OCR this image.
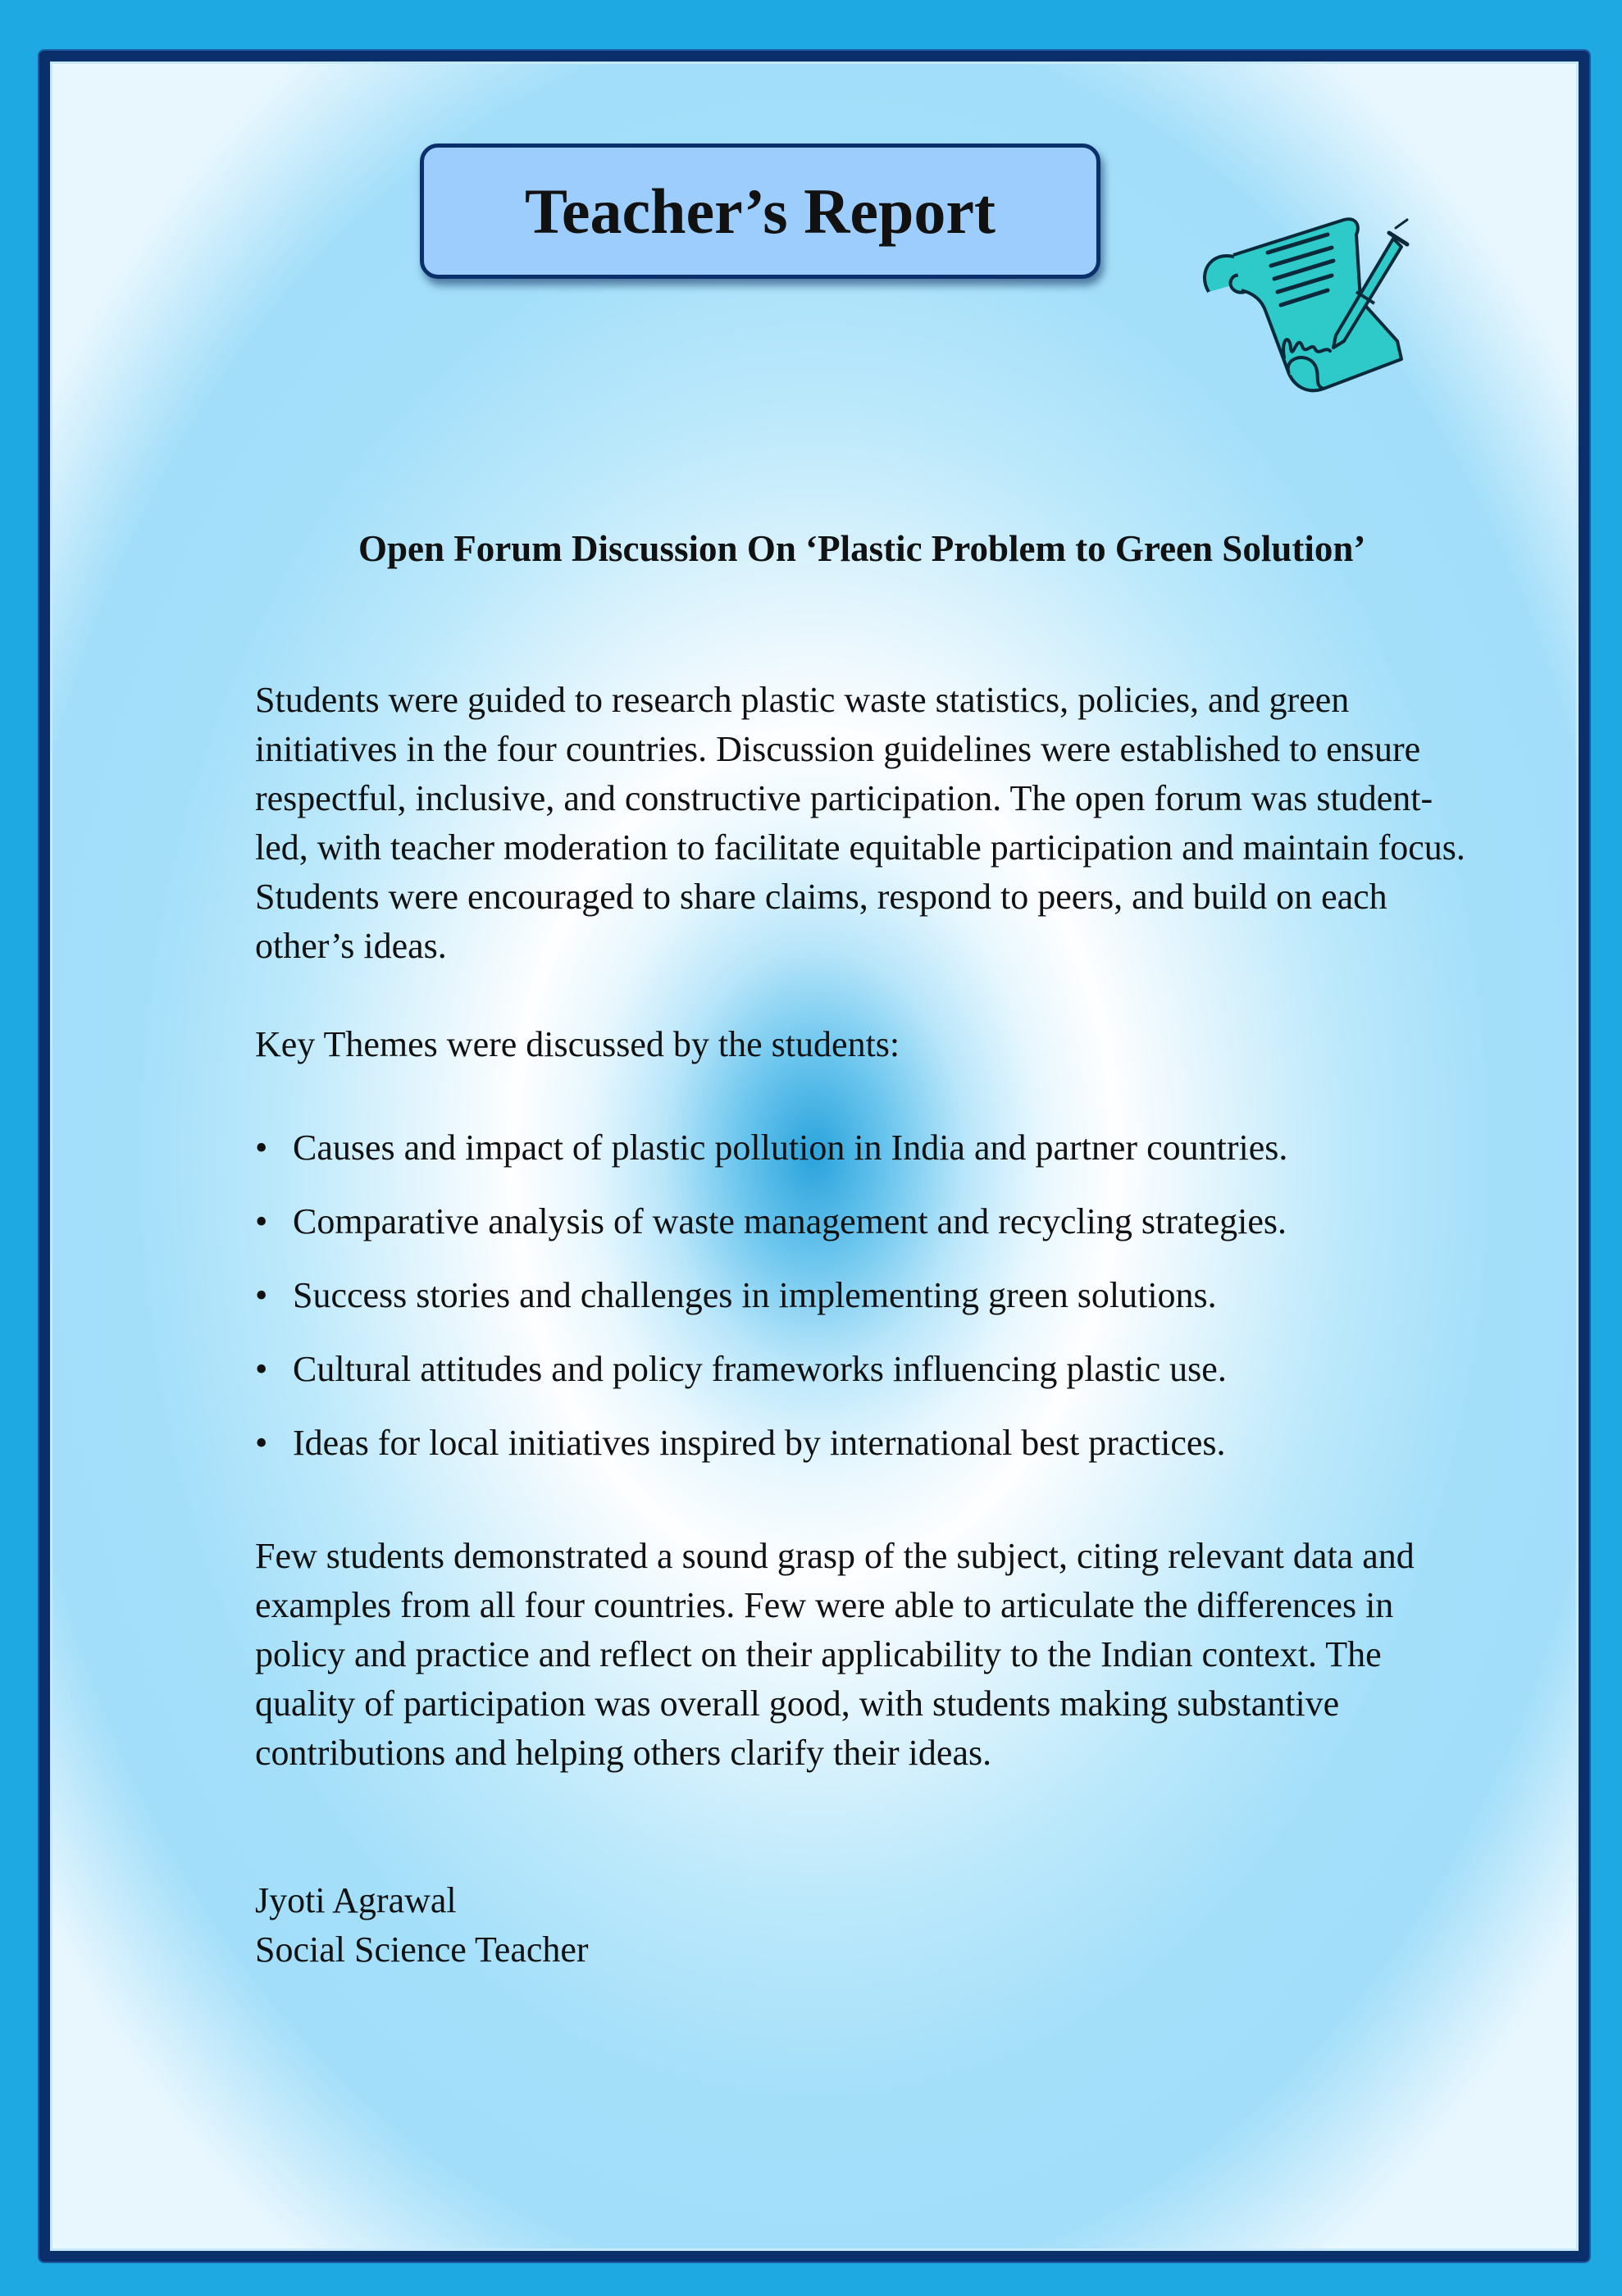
Teacher’s Report

Open Forum Discussion On ‘Plastic Problem to Green Solution’

Students were guided to research plastic waste statistics, policies, and green initiatives in the four countries. Discussion guidelines were established to ensure respectful, inclusive, and constructive participation. The open forum was student-led, with teacher moderation to facilitate equitable participation and maintain focus. Students were encouraged to share claims, respond to peers, and build on each other’s ideas.

Key Themes were discussed by the students:

• Causes and impact of plastic pollution in India and partner countries.
• Comparative analysis of waste management and recycling strategies.
• Success stories and challenges in implementing green solutions.
• Cultural attitudes and policy frameworks influencing plastic use.
• Ideas for local initiatives inspired by international best practices.

Few students demonstrated a sound grasp of the subject, citing relevant data and examples from all four countries. Few were able to articulate the differences in policy and practice and reflect on their applicability to the Indian context. The quality of participation was overall good, with students making substantive contributions and helping others clarify their ideas.

Jyoti Agrawal
Social Science Teacher
